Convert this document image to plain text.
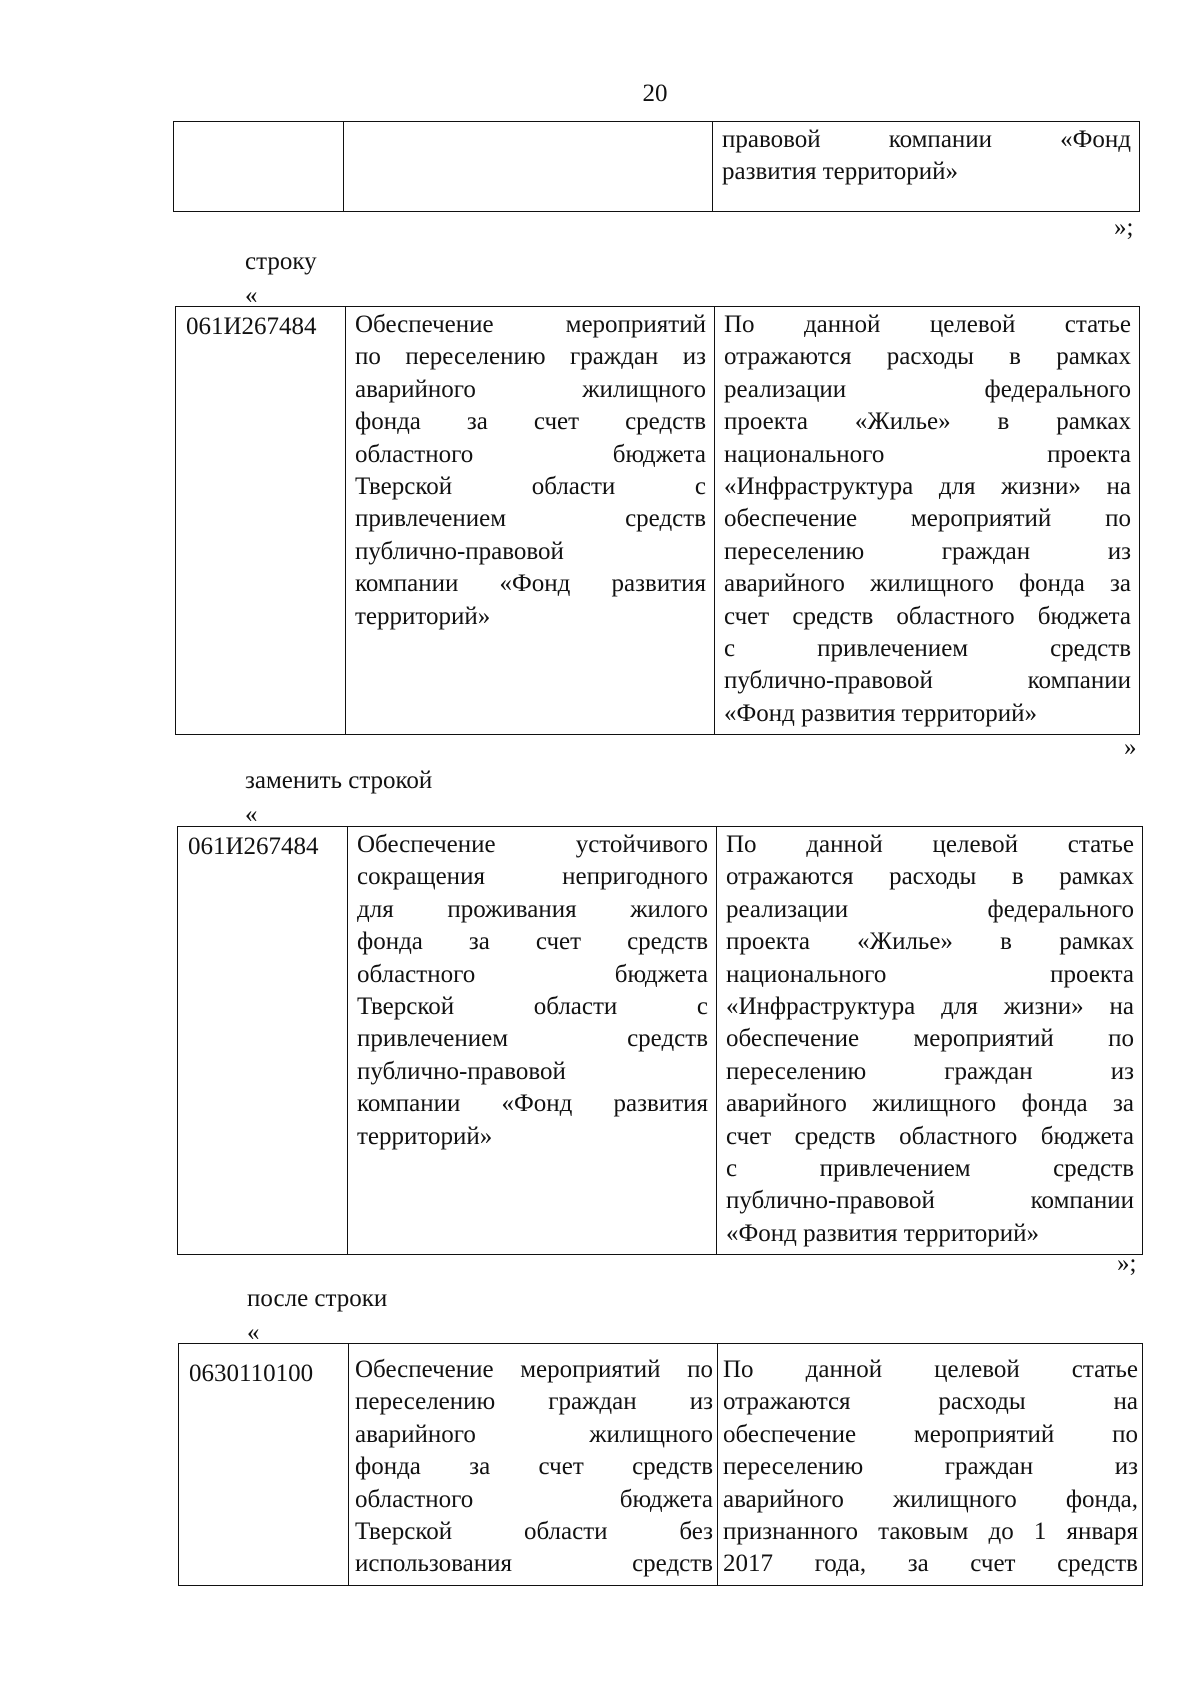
20

правовой компании «Фонд
развития территорий»
»;
строку
«
061И267484	Обеспечение мероприятий
по переселению граждан из
аварийного жилищного
фонда за счет средств
областного бюджета
Тверской области с
привлечением средств
публично-правовой
компании «Фонд развития
территорий»

По данной целевой статье
отражаются расходы в рамках
реализации федерального
проекта «Жилье» в рамках
национального проекта
«Инфраструктура для жизни» на
обеспечение мероприятий по
переселению граждан из
аварийного жилищного фонда за
счет средств областного бюджета
с привлечением средств
публично-правовой компании
«Фонд развития территорий»
»
заменить строкой
«
061И267484	Обеспечение устойчивого
сокращения непригодного
для проживания жилого
фонда за счет средств
областного бюджета
Тверской области с
привлечением средств
публично-правовой
компании «Фонд развития
территорий»

По данной целевой статье
отражаются расходы в рамках
реализации федерального
проекта «Жилье» в рамках
национального проекта
«Инфраструктура для жизни» на
обеспечение мероприятий по
переселению граждан из
аварийного жилищного фонда за
счет средств областного бюджета
с привлечением средств
публично-правовой компании
«Фонд развития территорий»
»;
после строки
«
0630110100	Обеспечение мероприятий по
переселению граждан из
аварийного жилищного
фонда за счет средств
областного бюджета
Тверской области без
использования средств

По данной целевой статье
отражаются расходы на
обеспечение мероприятий по
переселению граждан из
аварийного жилищного фонда,
признанного таковым до 1 января
2017 года, за счет средств
